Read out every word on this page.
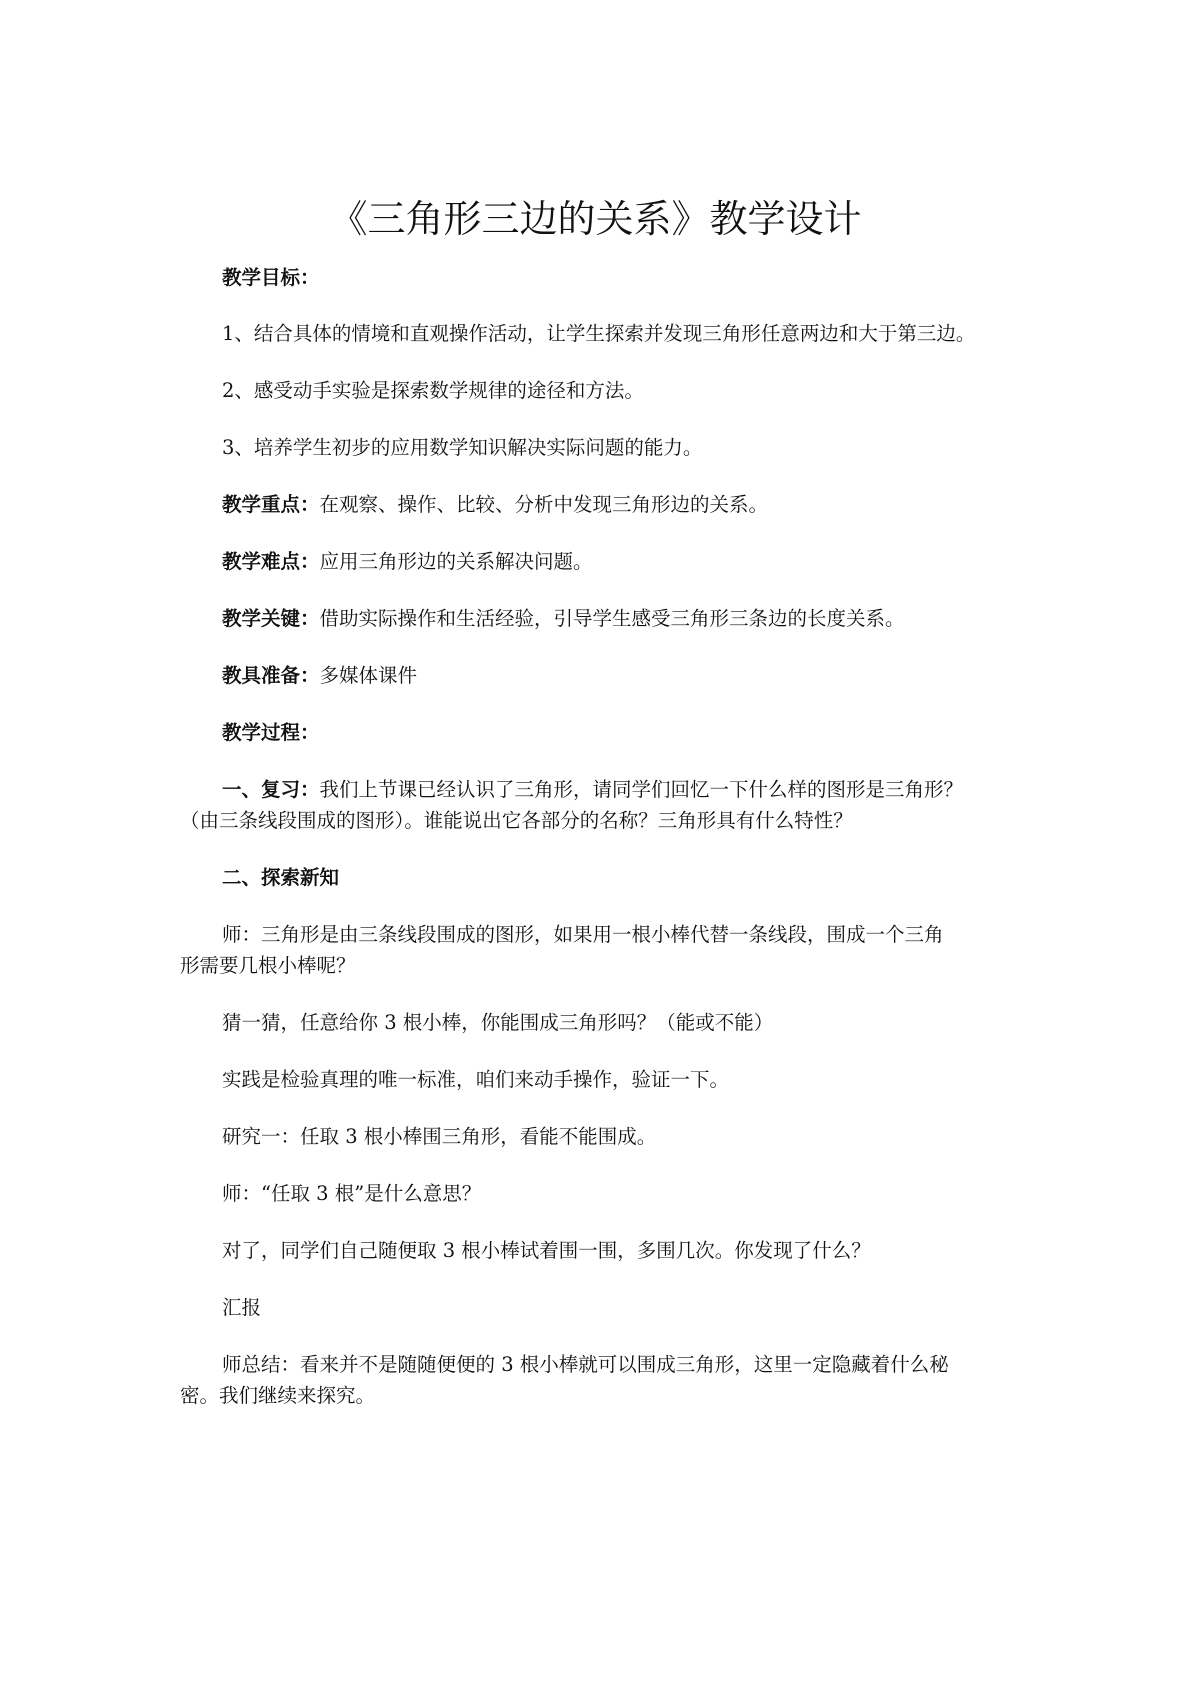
《三角形三边的关系》教学设计
教学目标：
1、结合具体的情境和直观操作活动，让学生探索并发现三角形任意两边和大于第三边。
2、感受动手实验是探索数学规律的途径和方法。
3、培养学生初步的应用数学知识解决实际问题的能力。
教学重点：在观察、操作、比较、分析中发现三角形边的关系。
教学难点：应用三角形边的关系解决问题。
教学关键：借助实际操作和生活经验，引导学生感受三角形三条边的长度关系。
教具准备：多媒体课件
教学过程：
一、复习：我们上节课已经认识了三角形，请同学们回忆一下什么样的图形是三角形？
（由三条线段围成的图形）。谁能说出它各部分的名称？三角形具有什么特性？
二、探索新知
师：三角形是由三条线段围成的图形，如果用一根小棒代替一条线段，围成一个三角
形需要几根小棒呢？
猜一猜，任意给你 3 根小棒，你能围成三角形吗？（能或不能）
实践是检验真理的唯一标准，咱们来动手操作，验证一下。
研究一：任取 3 根小棒围三角形，看能不能围成。
师：“任取 3 根”是什么意思？
对了，同学们自己随便取 3 根小棒试着围一围，多围几次。你发现了什么？
汇报
师总结：看来并不是随随便便的 3 根小棒就可以围成三角形，这里一定隐藏着什么秘
密。我们继续来探究。
